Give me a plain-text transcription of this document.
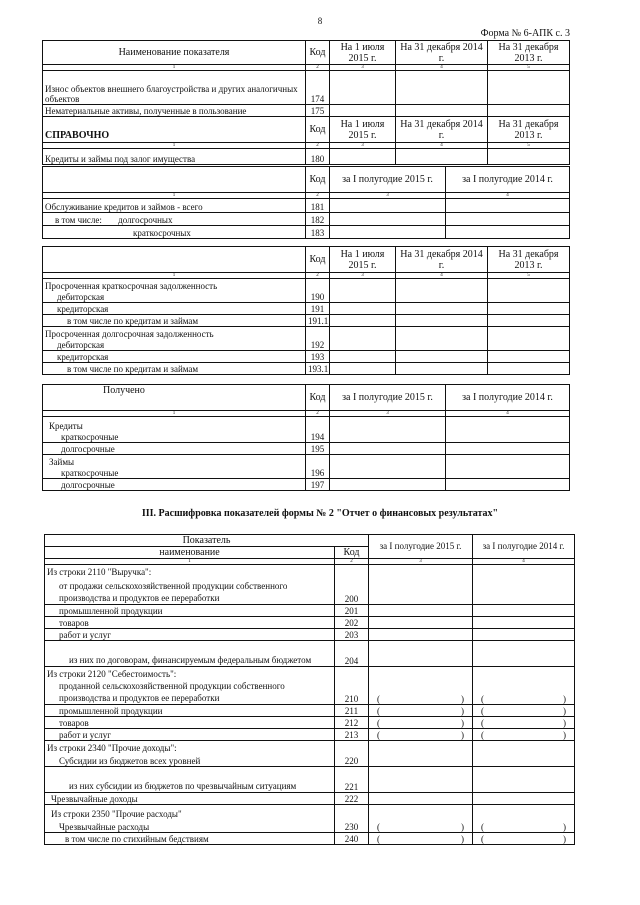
8
Форма № 6-АПК с. 3
Наименование показателя	Код	На 1 июля 2015 г.	На 31 декабря 2014 г.	На 31 декабря 2013 г.
1	2	3	4	5
Износ объектов внешнего благоустройства и других аналогичных объектов	174			
Нематериальные активы, полученные в пользование	175			
СПРАВОЧНО	Код	На 1 июля 2015 г.	На 31 декабря 2014 г.	На 31 декабря 2013 г.
1	2	3	4	5
Кредиты и займы под залог имущества	180			
	Код	за I полугодие 2015 г.	за I полугодие 2014 г.
1	2	3	4
Обслуживание кредитов и займов - всего	181		
в том числе: долгосрочных	182		
краткосрочных	183		
	Код	На 1 июля 2015 г.	На 31 декабря 2014 г.	На 31 декабря 2013 г.
1	2	3	4	5
Просроченная краткосрочная задолженность				
дебиторская	190			
кредиторская	191			
в том числе по кредитам и займам	191.1			
Просроченная долгосрочная задолженность				
дебиторская	192			
кредиторская	193			
в том числе по кредитам и займам	193.1			
Получено	Код	за I полугодие 2015 г.	за I полугодие 2014 г.
1	2	3	4
Кредиты			
краткосрочные	194		
долгосрочные	195		
Займы			
краткосрочные	196		
долгосрочные	197		
III. Расшифровка показателей формы № 2 "Отчет о финансовых результатах"
Показатель		за I полугодие 2015 г.	за I полугодие 2014 г.
наименование	Код		
1	2	3	4
Из строки 2110 "Выручка":			
от продажи сельскохозяйственной продукции собственного производства и продуктов ее переработки	200		
промышленной продукции	201		
товаров	202		
работ и услуг	203		
из них по договорам, финансируемым федеральным бюджетом	204		
Из строки 2120 "Себестоимость":			
проданной сельскохозяйственной продукции собственного производства и продуктов ее переработки	210	( )	( )

промышленной продукции	211	( )	( )

товаров	212	( )	( )

работ и услуг	213	( )	( )

Из строки 2340 "Прочие доходы":			
Субсидии из бюджетов всех уровней	220		
из них субсидии из бюджетов по чрезвычайным ситуациям	221		
Чрезвычайные доходы	222		
Из строки 2350 "Прочие расходы"			
Чрезвычайные расходы	230	( )	( )

в том числе по стихийным бедствиям	240	( )	( )
